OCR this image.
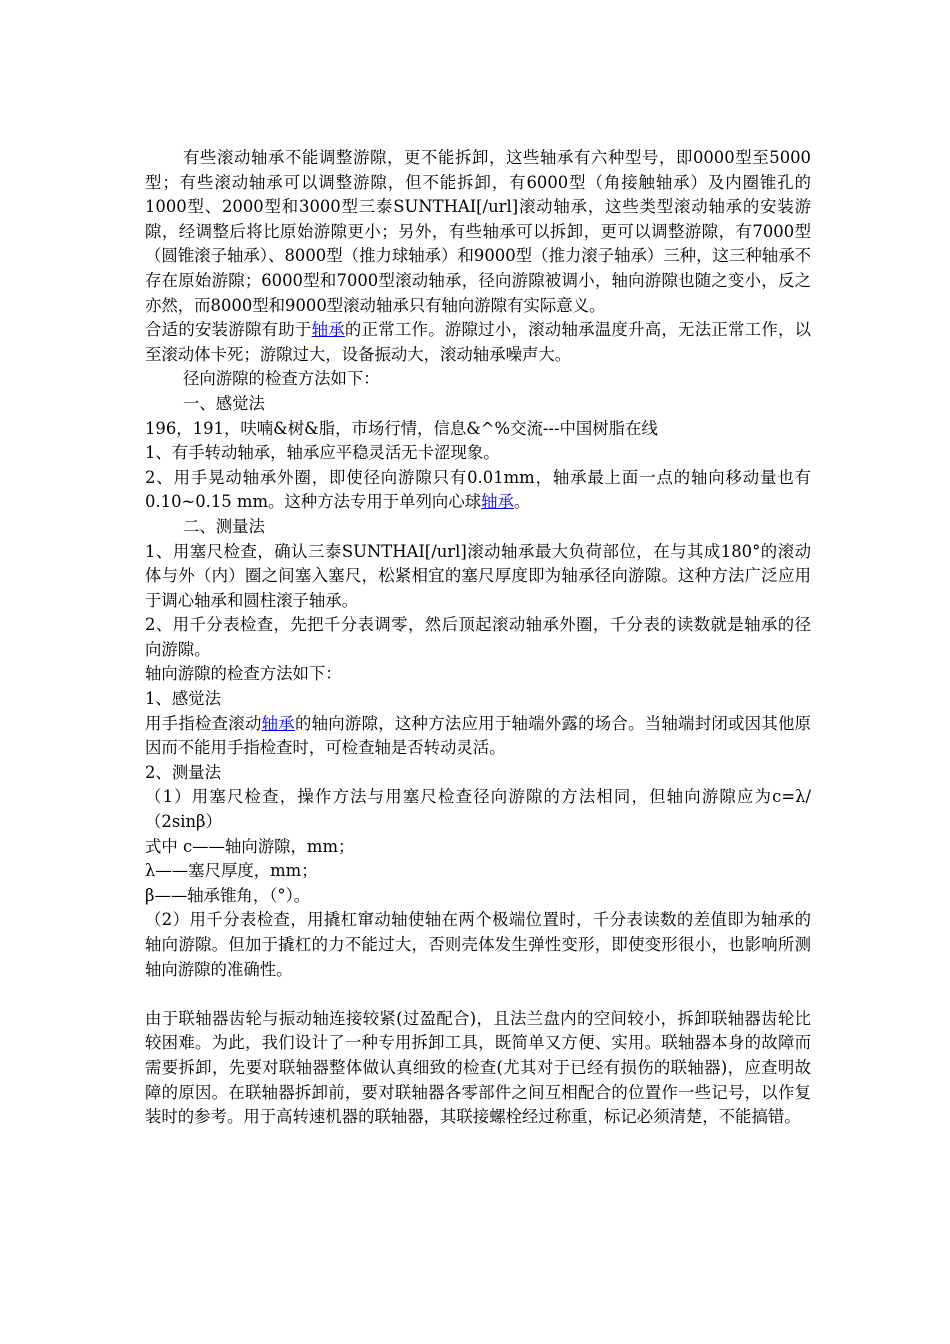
有些滚动轴承不能调整游隙，更不能拆卸，这些轴承有六种型号，即0000型至5000型；有些滚动轴承可以调整游隙，但不能拆卸，有6000型（角接触轴承）及内圈锥孔的1000型、2000型和3000型三泰SUNTHAI[/url]滚动轴承，这些类型滚动轴承的安装游隙，经调整后将比原始游隙更小；另外，有些轴承可以拆卸，更可以调整游隙，有7000型（圆锥滚子轴承）、8000型（推力球轴承）和9000型（推力滚子轴承）三种，这三种轴承不存在原始游隙；6000型和7000型滚动轴承，径向游隙被调小，轴向游隙也随之变小，反之亦然，而8000型和9000型滚动轴承只有轴向游隙有实际意义。

合适的安装游隙有助于轴承的正常工作。游隙过小，滚动轴承温度升高，无法正常工作，以至滚动体卡死；游隙过大，设备振动大，滚动轴承噪声大。

径向游隙的检查方法如下：

一、感觉法

196，191，呋喃&树&脂，市场行情，信息&^%交流---中国树脂在线

1、有手转动轴承，轴承应平稳灵活无卡涩现象。

2、用手晃动轴承外圈，即使径向游隙只有0.01mm，轴承最上面一点的轴向移动量也有0.10~0.15 mm。这种方法专用于单列向心球轴承。

二、测量法

1、用塞尺检查，确认三泰SUNTHAI[/url]滚动轴承最大负荷部位，在与其成180°的滚动体与外（内）圈之间塞入塞尺，松紧相宜的塞尺厚度即为轴承径向游隙。这种方法广泛应用于调心轴承和圆柱滚子轴承。

2、用千分表检查，先把千分表调零，然后顶起滚动轴承外圈，千分表的读数就是轴承的径向游隙。

轴向游隙的检查方法如下：

1、感觉法

用手指检查滚动轴承的轴向游隙，这种方法应用于轴端外露的场合。当轴端封闭或因其他原因而不能用手指检查时，可检查轴是否转动灵活。

2、测量法

（1）用塞尺检查，操作方法与用塞尺检查径向游隙的方法相同，但轴向游隙应为c=λ/（2sinβ）

式中 c——轴向游隙，mm；

λ——塞尺厚度，mm；

β——轴承锥角，（°）。

（2）用千分表检查，用撬杠窜动轴使轴在两个极端位置时，千分表读数的差值即为轴承的轴向游隙。但加于撬杠的力不能过大，否则壳体发生弹性变形，即使变形很小，也影响所测轴向游隙的准确性。

由于联轴器齿轮与振动轴连接较紧(过盈配合)，且法兰盘内的空间较小，拆卸联轴器齿轮比较困难。为此，我们设计了一种专用拆卸工具，既简单又方便、实用。联轴器本身的故障而需要拆卸，先要对联轴器整体做认真细致的检查(尤其对于已经有损伤的联轴器)，应查明故障的原因。在联轴器拆卸前，要对联轴器各零部件之间互相配合的位置作一些记号，以作复装时的参考。用于高转速机器的联轴器，其联接螺栓经过称重，标记必须清楚，不能搞错。
